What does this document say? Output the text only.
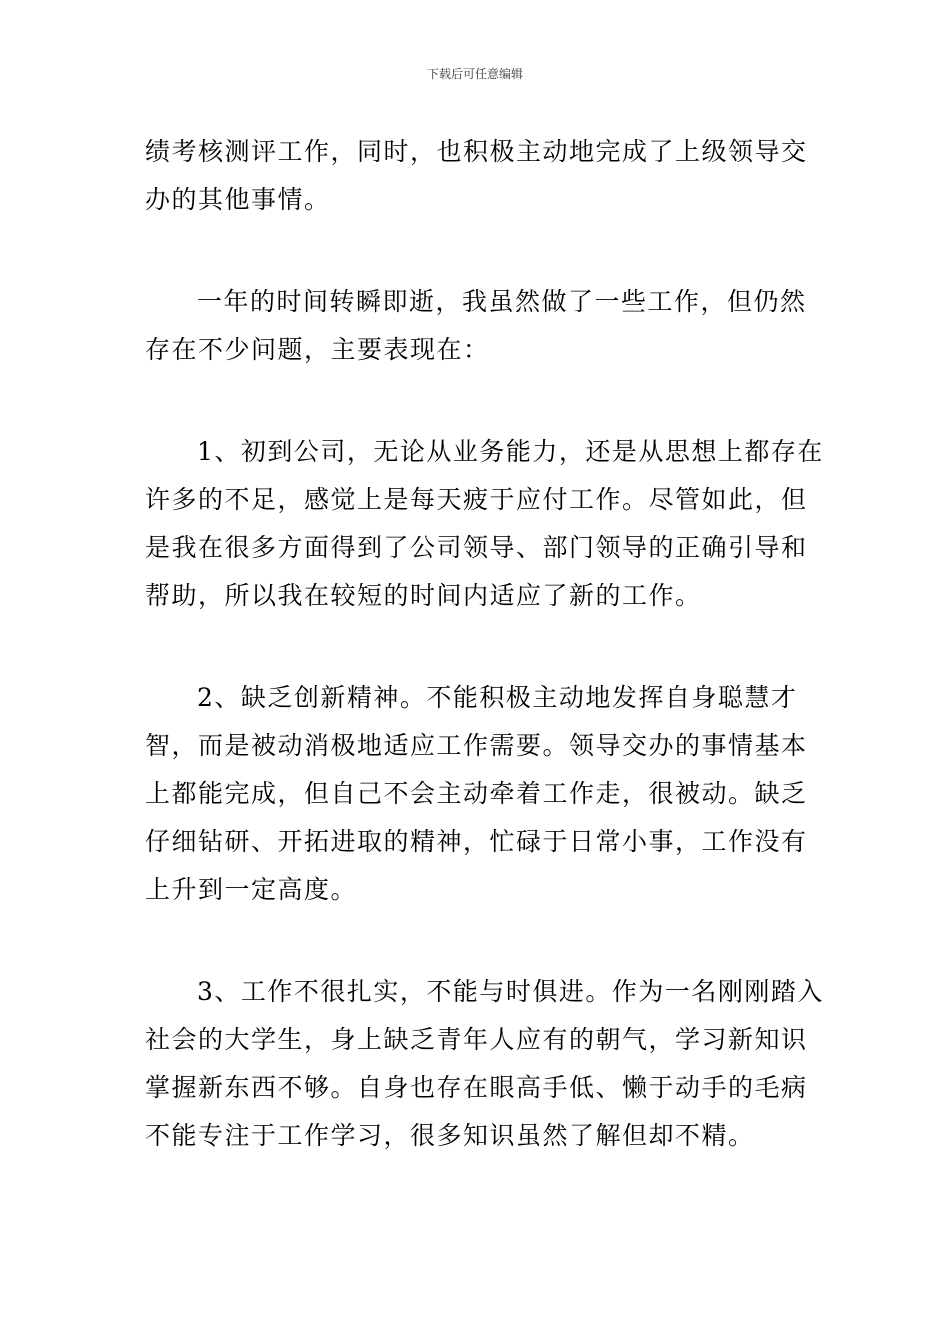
下载后可任意编辑

绩考核测评工作，同时，也积极主动地完成了上级领导交办的其他事情。

一年的时间转瞬即逝，我虽然做了一些工作，但仍然存在不少问题，主要表现在：

1、初到公司，无论从业务能力，还是从思想上都存在许多的不足，感觉上是每天疲于应付工作。尽管如此，但是我在很多方面得到了公司领导、部门领导的正确引导和帮助，所以我在较短的时间内适应了新的工作。

2、缺乏创新精神。不能积极主动地发挥自身聪慧才智，而是被动消极地适应工作需要。领导交办的事情基本上都能完成，但自己不会主动牵着工作走，很被动。缺乏仔细钻研、开拓进取的精神，忙碌于日常小事，工作没有上升到一定高度。

3、工作不很扎实，不能与时俱进。作为一名刚刚踏入社会的大学生，身上缺乏青年人应有的朝气，学习新知识掌握新东西不够。自身也存在眼高手低、懒于动手的毛病不能专注于工作学习，很多知识虽然了解但却不精。
